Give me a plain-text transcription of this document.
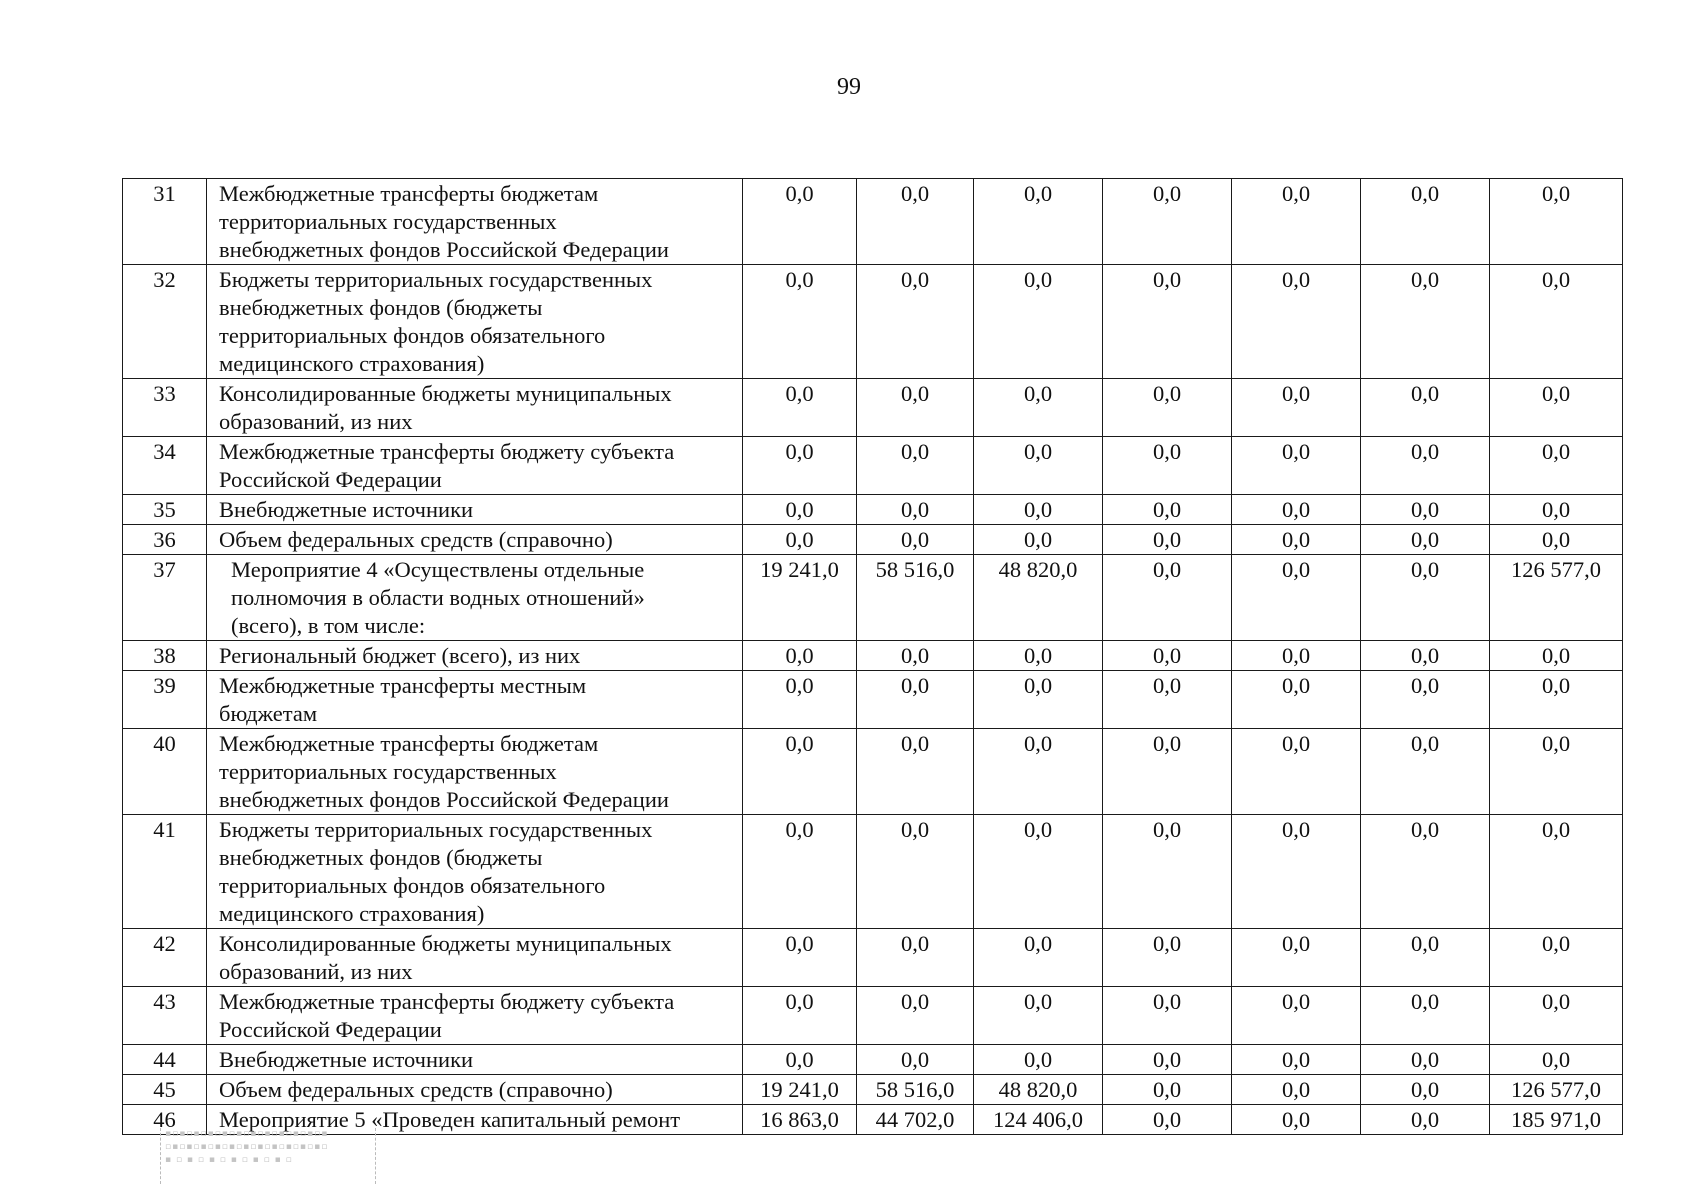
99
31	Межбюджетные трансферты бюджетам
территориальных государственных
внебюджетных фондов Российской Федерации	0,0	0,0	0,0	0,0	0,0	0,0	0,0
32	Бюджеты территориальных государственных
внебюджетных фондов (бюджеты
территориальных фондов обязательного
медицинского страхования)	0,0	0,0	0,0	0,0	0,0	0,0	0,0
33	Консолидированные бюджеты муниципальных
образований, из них	0,0	0,0	0,0	0,0	0,0	0,0	0,0
34	Межбюджетные трансферты бюджету субъекта
Российской Федерации	0,0	0,0	0,0	0,0	0,0	0,0	0,0
35	Внебюджетные источники	0,0	0,0	0,0	0,0	0,0	0,0	0,0
36	Объем федеральных средств (справочно)	0,0	0,0	0,0	0,0	0,0	0,0	0,0
37	Мероприятие 4 «Осуществлены отдельные
полномочия в области водных отношений»
(всего), в том числе:	19 241,0	58 516,0	48 820,0	0,0	0,0	0,0	126 577,0
38	Региональный бюджет (всего), из них	0,0	0,0	0,0	0,0	0,0	0,0	0,0
39	Межбюджетные трансферты местным
бюджетам	0,0	0,0	0,0	0,0	0,0	0,0	0,0
40	Межбюджетные трансферты бюджетам
территориальных государственных
внебюджетных фондов Российской Федерации	0,0	0,0	0,0	0,0	0,0	0,0	0,0
41	Бюджеты территориальных государственных
внебюджетных фондов (бюджеты
территориальных фондов обязательного
медицинского страхования)	0,0	0,0	0,0	0,0	0,0	0,0	0,0
42	Консолидированные бюджеты муниципальных
образований, из них	0,0	0,0	0,0	0,0	0,0	0,0	0,0
43	Межбюджетные трансферты бюджету субъекта
Российской Федерации	0,0	0,0	0,0	0,0	0,0	0,0	0,0
44	Внебюджетные источники	0,0	0,0	0,0	0,0	0,0	0,0	0,0
45	Объем федеральных средств (справочно)	19 241,0	58 516,0	48 820,0	0,0	0,0	0,0	126 577,0
46	Мероприятие 5 «Проведен капитальный ремонт	16 863,0	44 702,0	124 406,0	0,0	0,0	0,0	185 971,0
▪▫▪▫▪▫▪▫▪▫▪▫▪▫▪▫▪▫▪▫▪▫▪
▫▪▫▪▫▪▫▪▫▪▫▪▫▪▫▪▫▪▫▪▫▪▫
▪ ▫ ▪ ▫ ▪ ▫ ▪ ▫ ▪ ▫ ▪ ▫
